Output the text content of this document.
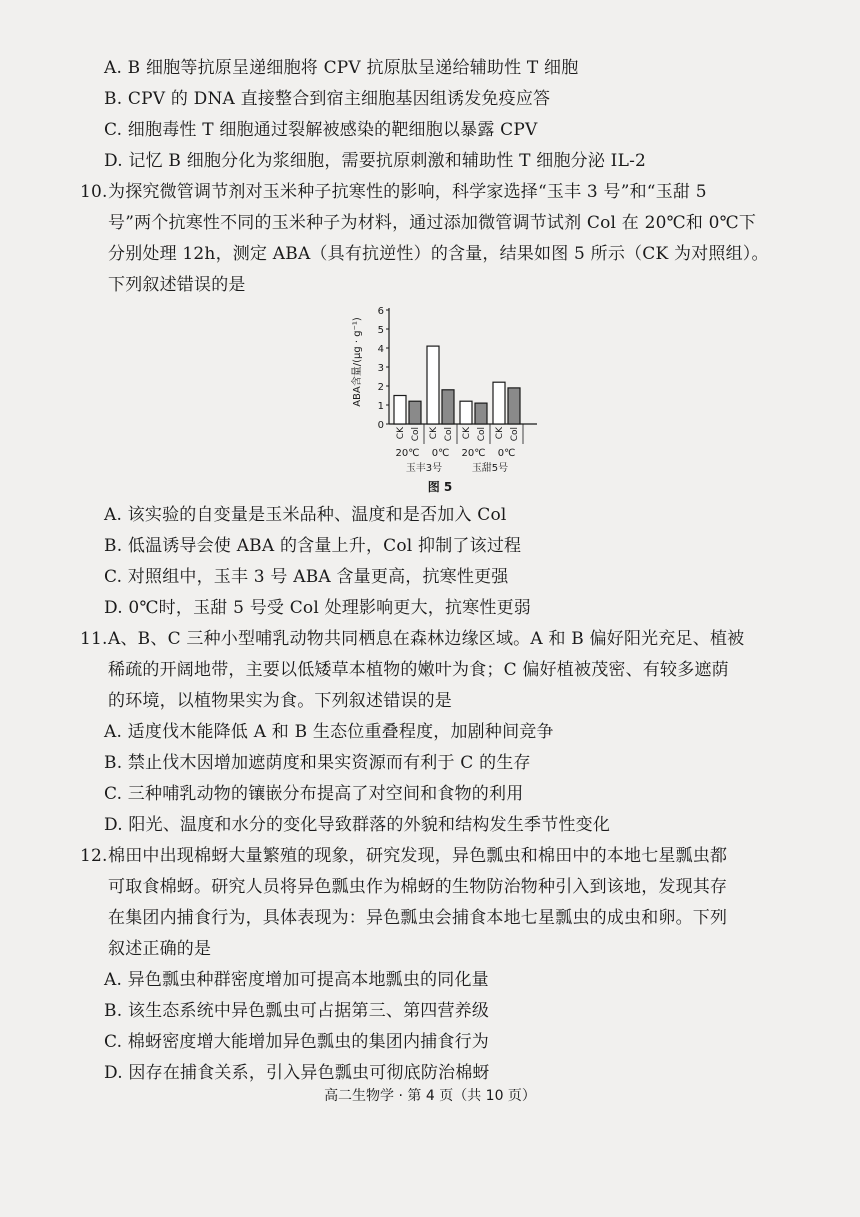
A. B 细胞等抗原呈递细胞将 CPV 抗原肽呈递给辅助性 T 细胞
B. CPV 的 DNA 直接整合到宿主细胞基因组诱发免疫应答
C. 细胞毒性 T 细胞通过裂解被感染的靶细胞以暴露 CPV
D. 记忆 B 细胞分化为浆细胞，需要抗原刺激和辅助性 T 细胞分泌 IL-2
10.为探究微管调节剂对玉米种子抗寒性的影响，科学家选择“玉丰 3 号”和“玉甜 5
号”两个抗寒性不同的玉米种子为材料，通过添加微管调节试剂 Col 在 20℃和 0℃下
分别处理 12h，测定 ABA（具有抗逆性）的含量，结果如图 5 所示（CK 为对照组）。
下列叙述错误的是
ABA含量/(μg · g⁻¹)
0
1
2
3
4
5
6
CK Col
20℃
CK Col
0℃
CK Col
20℃
CK Col
0℃
玉丰3号	玉甜5号
图 5
A. 该实验的自变量是玉米品种、温度和是否加入 Col
B. 低温诱导会使 ABA 的含量上升，Col 抑制了该过程
C. 对照组中，玉丰 3 号 ABA 含量更高，抗寒性更强
D. 0℃时，玉甜 5 号受 Col 处理影响更大，抗寒性更弱
11.A、B、C 三种小型哺乳动物共同栖息在森林边缘区域。A 和 B 偏好阳光充足、植被
稀疏的开阔地带，主要以低矮草本植物的嫩叶为食；C 偏好植被茂密、有较多遮荫
的环境，以植物果实为食。下列叙述错误的是
A. 适度伐木能降低 A 和 B 生态位重叠程度，加剧种间竞争
B. 禁止伐木因增加遮荫度和果实资源而有利于 C 的生存
C. 三种哺乳动物的镶嵌分布提高了对空间和食物的利用
D. 阳光、温度和水分的变化导致群落的外貌和结构发生季节性变化
12.棉田中出现棉蚜大量繁殖的现象，研究发现，异色瓢虫和棉田中的本地七星瓢虫都
可取食棉蚜。研究人员将异色瓢虫作为棉蚜的生物防治物种引入到该地，发现其存
在集团内捕食行为，具体表现为：异色瓢虫会捕食本地七星瓢虫的成虫和卵。下列
叙述正确的是
A. 异色瓢虫种群密度增加可提高本地瓢虫的同化量
B. 该生态系统中异色瓢虫可占据第三、第四营养级
C. 棉蚜密度增大能增加异色瓢虫的集团内捕食行为
D. 因存在捕食关系，引入异色瓢虫可彻底防治棉蚜
高二生物学 · 第 4 页（共 10 页）
